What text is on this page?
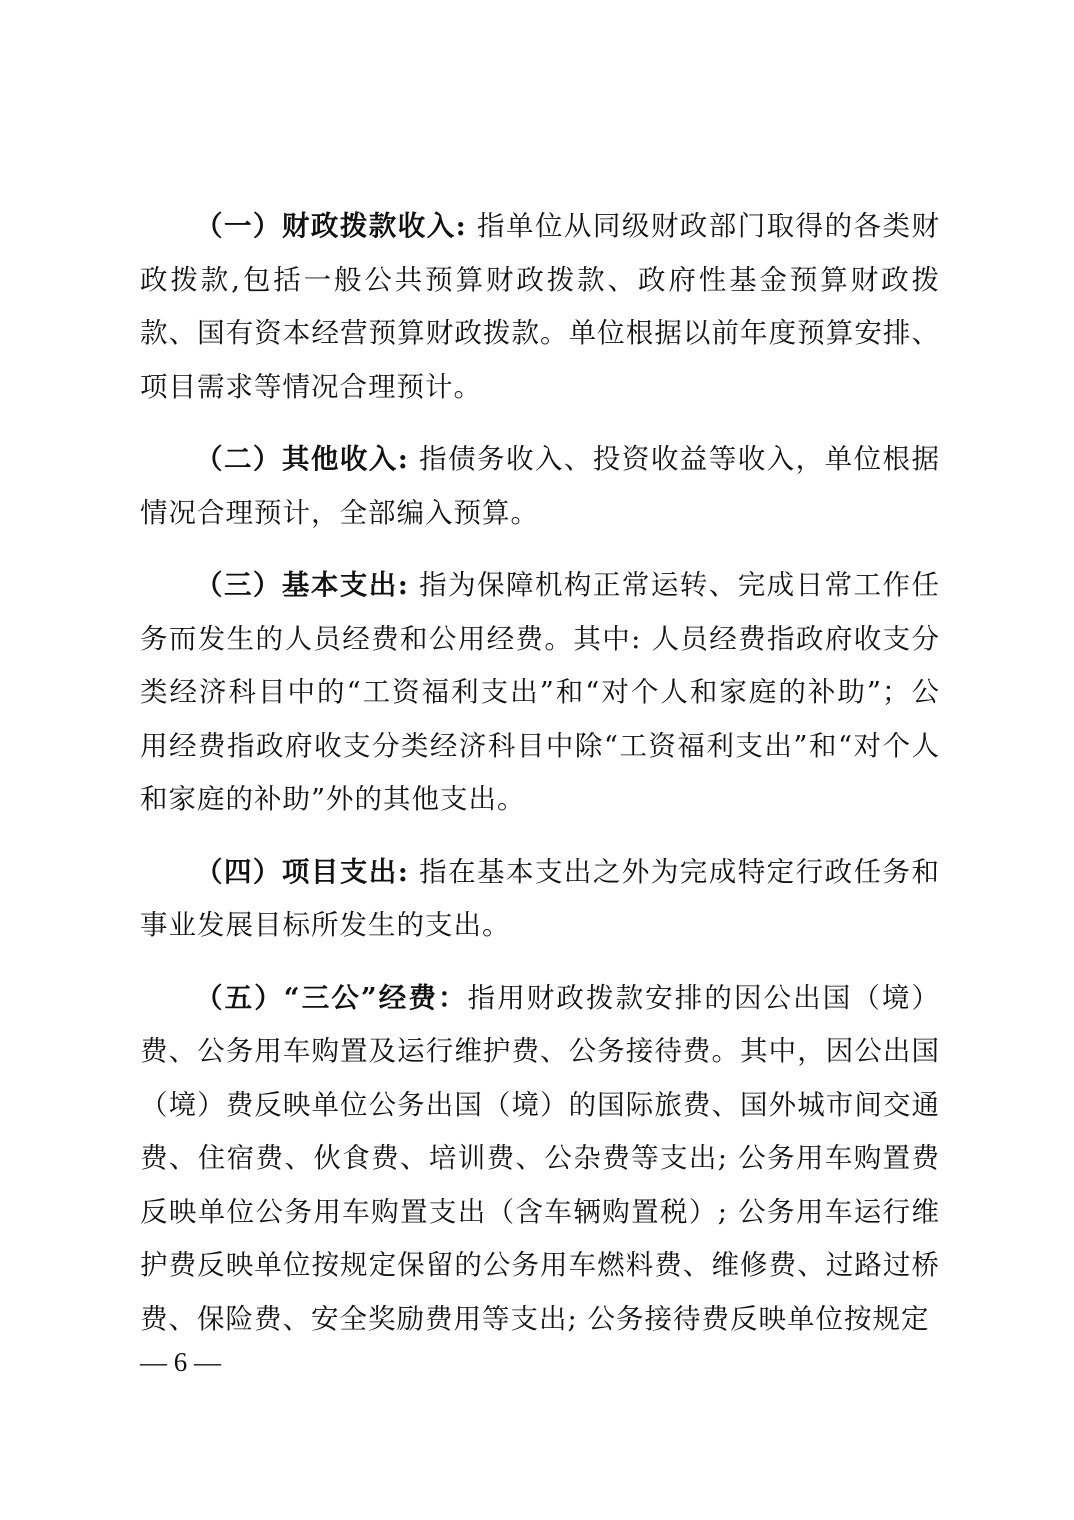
（一）财政拨款收入: 指单位从同级财政部门取得的各类财政拨款,包括一般公共预算财政拨款、政府性基金预算财政拨款、国有资本经营预算财政拨款。单位根据以前年度预算安排、项目需求等情况合理预计。

（二）其他收入: 指债务收入、投资收益等收入，单位根据情况合理预计，全部编入预算。

（三）基本支出: 指为保障机构正常运转、完成日常工作任务而发生的人员经费和公用经费。其中: 人员经费指政府收支分类经济科目中的“工资福利支出”和“对个人和家庭的补助”；公用经费指政府收支分类经济科目中除“工资福利支出”和“对个人和家庭的补助”外的其他支出。

（四）项目支出: 指在基本支出之外为完成特定行政任务和事业发展目标所发生的支出。

（五）“三公”经费：指用财政拨款安排的因公出国（境）费、公务用车购置及运行维护费、公务接待费。其中，因公出国（境）费反映单位公务出国（境）的国际旅费、国外城市间交通费、住宿费、伙食费、培训费、公杂费等支出; 公务用车购置费反映单位公务用车购置支出（含车辆购置税）; 公务用车运行维护费反映单位按规定保留的公务用车燃料费、维修费、过路过桥费、保险费、安全奖励费用等支出; 公务接待费反映单位按规定

— 6 —
